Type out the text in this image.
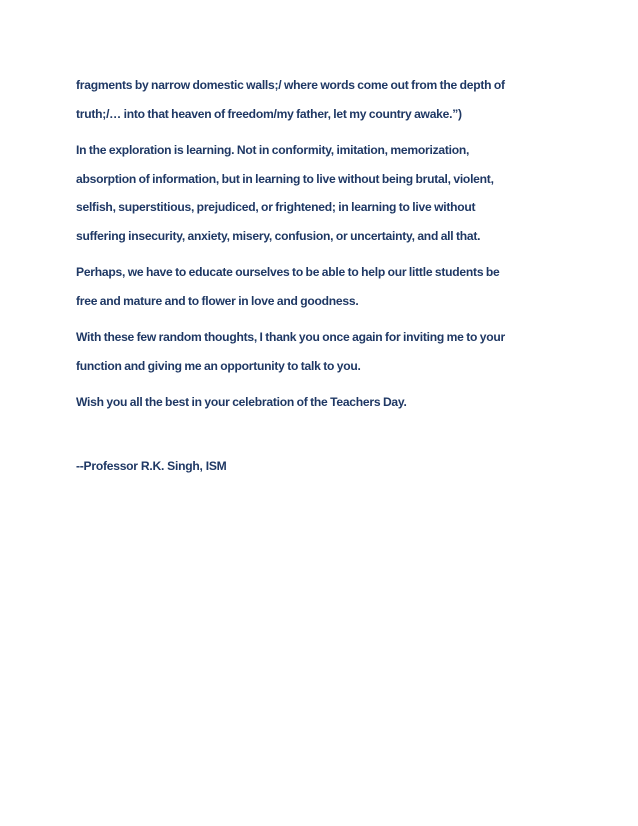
fragments by narrow domestic walls;/ where words come out from the depth of
truth;/… into that heaven of freedom/my father, let my country awake.”)

In the exploration is learning. Not in conformity, imitation, memorization,
absorption of information, but in learning to live without being brutal, violent,
selfish, superstitious, prejudiced, or frightened; in learning to live without
suffering insecurity, anxiety, misery, confusion, or uncertainty, and all that.

Perhaps, we have to educate ourselves to be able to help our little students be
free and mature and to flower in love and goodness.

With these few random thoughts, I thank you once again for inviting me to your
function and giving me an opportunity to talk to you.

Wish you all the best in your celebration of the Teachers Day.

--Professor R.K. Singh, ISM
